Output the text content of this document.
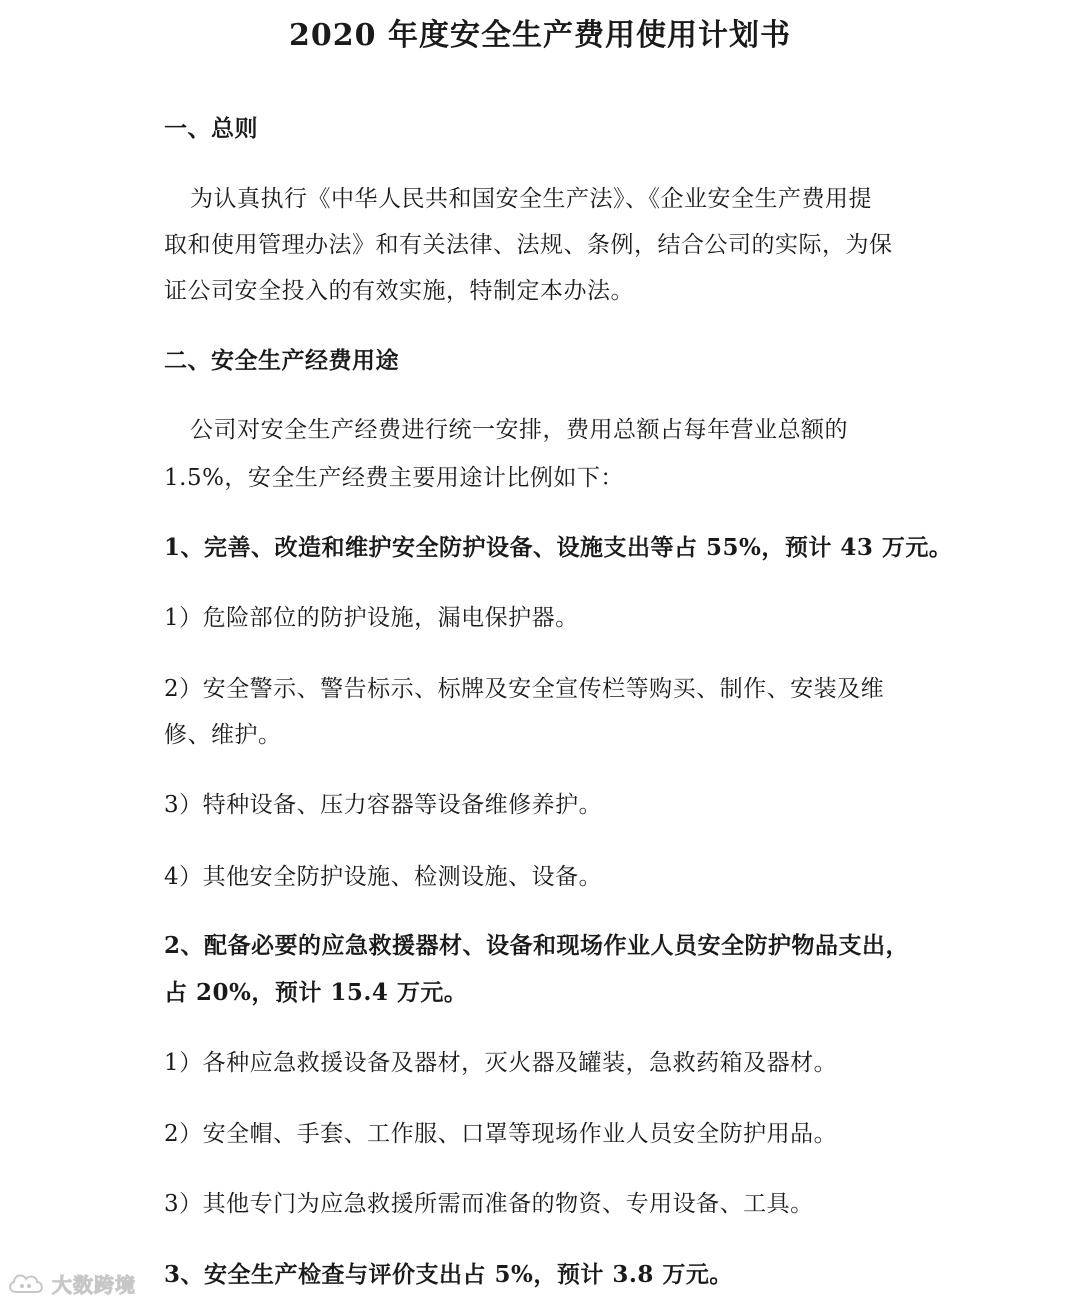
2020 年度安全生产费用使用计划书
一、总则
为认真执行《中华人民共和国安全生产法》、《企业安全生产费用提
取和使用管理办法》和有关法律、法规、条例，结合公司的实际，为保
证公司安全投入的有效实施，特制定本办法。
二、安全生产经费用途
公司对安全生产经费进行统一安排，费用总额占每年营业总额的
1.5%，安全生产经费主要用途计比例如下：
1、完善、改造和维护安全防护设备、设施支出等占 55%，预计 43 万元。
1）危险部位的防护设施，漏电保护器。
2）安全警示、警告标示、标牌及安全宣传栏等购买、制作、安装及维
修、维护。
3）特种设备、压力容器等设备维修养护。
4）其他安全防护设施、检测设施、设备。
2、配备必要的应急救援器材、设备和现场作业人员安全防护物品支出，
占 20%，预计 15.4 万元。
1）各种应急救援设备及器材，灭火器及罐装，急救药箱及器材。
2）安全帽、手套、工作服、口罩等现场作业人员安全防护用品。
3）其他专门为应急救援所需而准备的物资、专用设备、工具。
3、安全生产检查与评价支出占 5%，预计 3.8 万元。
大数跨境
